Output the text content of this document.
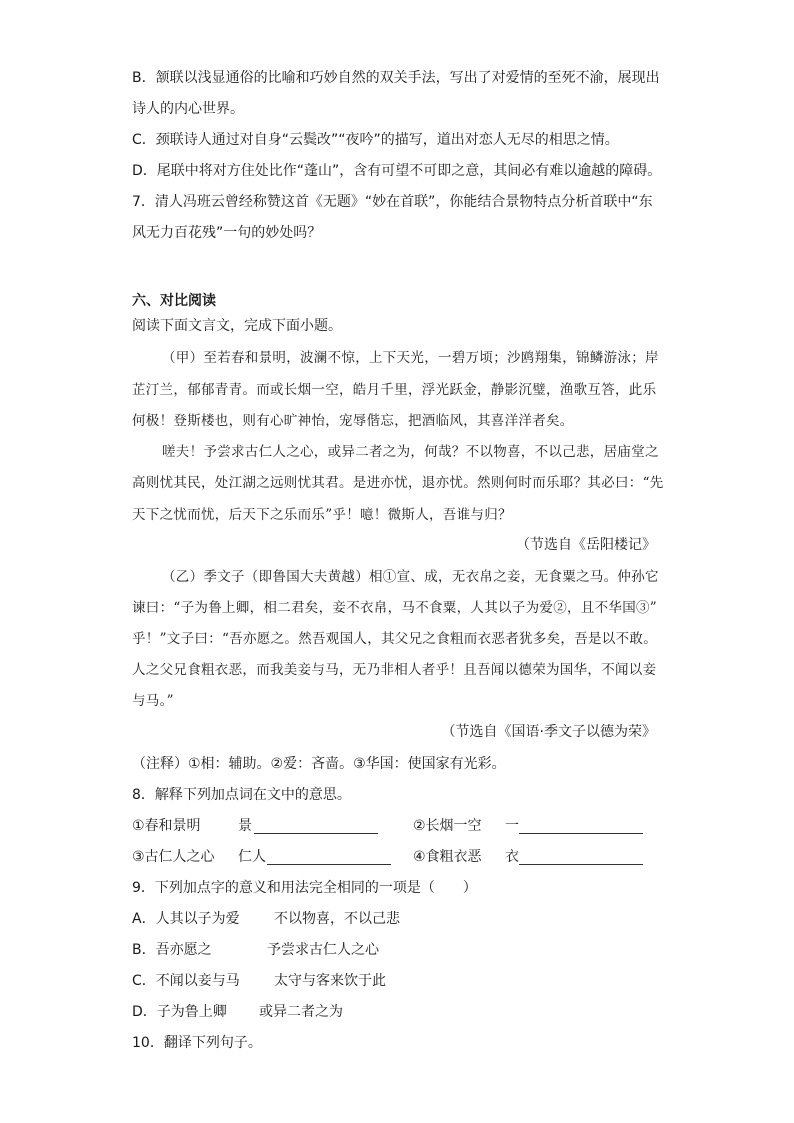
B．颔联以浅显通俗的比喻和巧妙自然的双关手法，写出了对爱情的至死不渝，展现出
诗人的内心世界。
C．颈联诗人通过对自身“云鬓改”“夜吟”的描写，道出对恋人无尽的相思之情。
D．尾联中将对方住处比作“蓬山”，含有可望不可即之意，其间必有难以逾越的障碍。
7．清人冯班云曾经称赞这首《无题》“妙在首联”，你能结合景物特点分析首联中“东
风无力百花残”一句的妙处吗？
六、对比阅读
阅读下面文言文，完成下面小题。
（甲）至若春和景明，波澜不惊，上下天光，一碧万顷；沙鸥翔集，锦鳞游泳；岸
芷汀兰，郁郁青青。而或长烟一空，皓月千里，浮光跃金，静影沉璧，渔歌互答，此乐
何极！登斯楼也，则有心旷神怡，宠辱偕忘，把酒临风，其喜洋洋者矣。
嗟夫！予尝求古仁人之心，或异二者之为，何哉？不以物喜，不以己悲，居庙堂之
高则忧其民，处江湖之远则忧其君。是进亦忧，退亦忧。然则何时而乐耶？其必曰：“先
天下之忧而忧，后天下之乐而乐”乎！噫！微斯人，吾谁与归？
（节选自《岳阳楼记》
（乙）季文子（即鲁国大夫黄越）相①宣、成，无衣帛之妾，无食粟之马。仲孙它
谏曰：“子为鲁上卿，相二君矣，妾不衣帛，马不食粟，人其以子为爱②，且不华国③”
乎！”文子曰：“吾亦愿之。然吾观国人，其父兄之食粗而衣恶者犹多矣，吾是以不敢。
人之父兄食粗衣恶，而我美妾与马，无乃非相人者乎！且吾闻以德荣为国华，不闻以妾
与马。”
（节选自《国语·季文子以德为荣》
（注释）①相：辅助。②爱：吝啬。③华国：使国家有光彩。
8．解释下列加点词在文中的意思。
①春和景明	景	②长烟一空 一
③古仁人之心 仁人	④食粗衣恶 衣
9．下列加点字的意义和用法完全相同的一项是（　　）
A．人其以子为爱 不以物喜，不以己悲
B．吾亦愿之	予尝求古仁人之心
C．不闻以妾与马 太守与客来饮于此
D．子为鲁上卿 或异二者之为
10．翻译下列句子。
